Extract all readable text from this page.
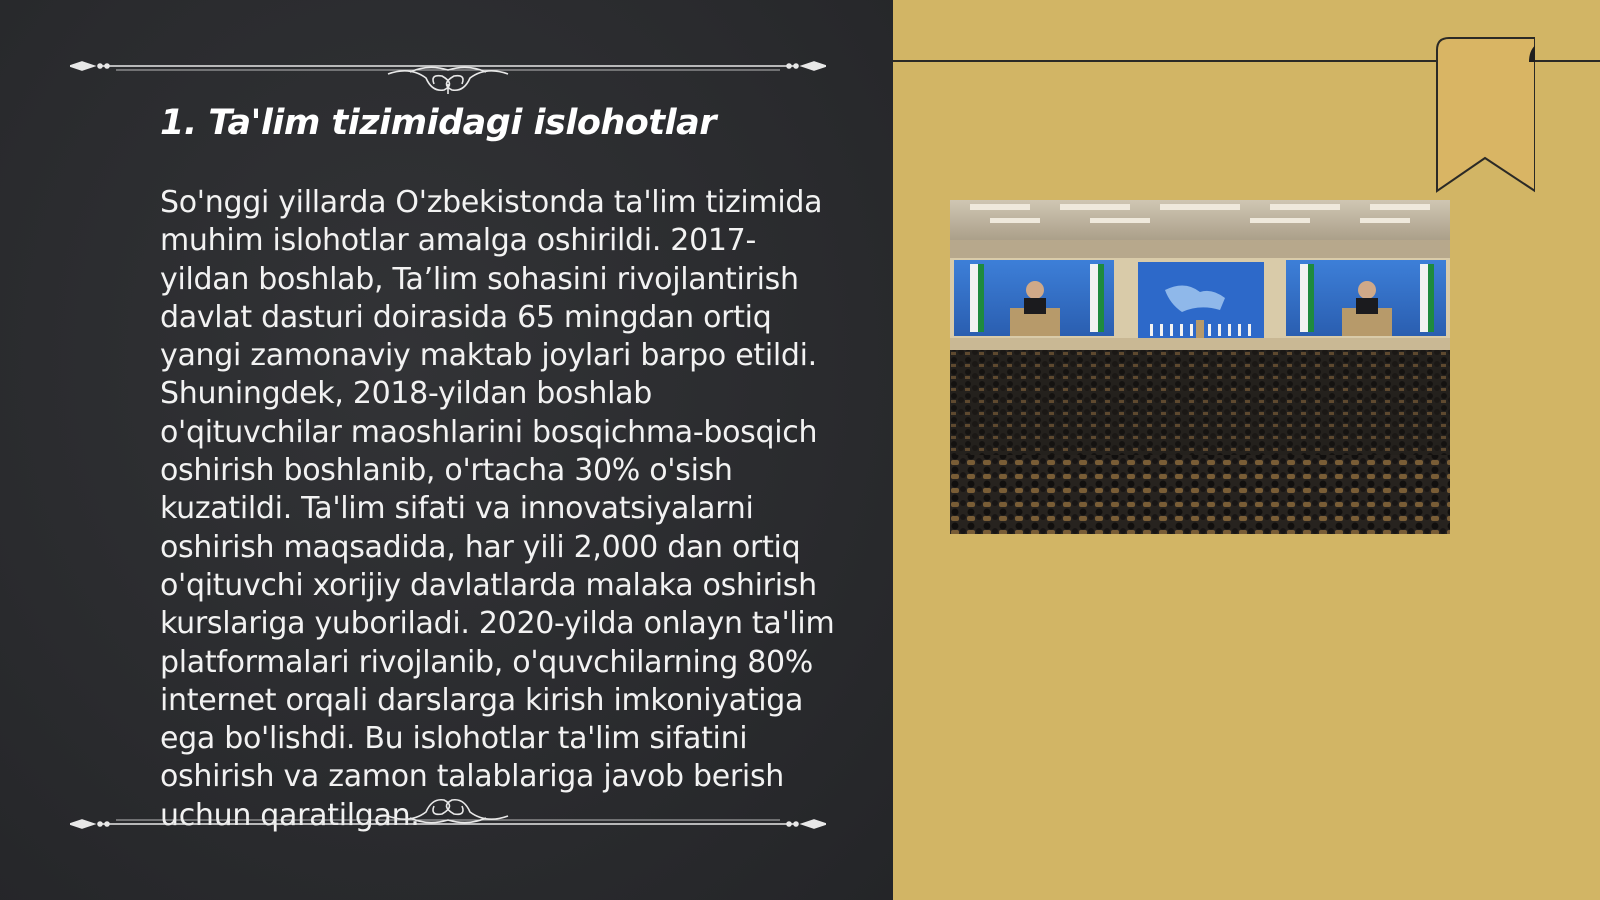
1. Ta'lim tizimidagi islohotlar

So'nggi yillarda O'zbekistonda ta'lim tizimida muhim islohotlar amalga oshirildi. 2017-yildan boshlab, Ta’lim sohasini rivojlantirish davlat dasturi doirasida 65 mingdan ortiq yangi zamonaviy maktab joylari barpo etildi. Shuningdek, 2018-yildan boshlab o'qituvchilar maoshlarini bosqichma-bosqich oshirish boshlanib, o'rtacha 30% o'sish kuzatildi. Ta'lim sifati va innovatsiyalarni oshirish maqsadida, har yili 2,000 dan ortiq o'qituvchi xorijiy davlatlarda malaka oshirish kurslariga yuboriladi. 2020-yilda onlayn ta'lim platformalari rivojlanib, o'quvchilarning 80% internet orqali darslarga kirish imkoniyatiga ega bo'lishdi. Bu islohotlar ta'lim sifatini oshirish va zamon talablariga javob berish uchun qaratilgan.
